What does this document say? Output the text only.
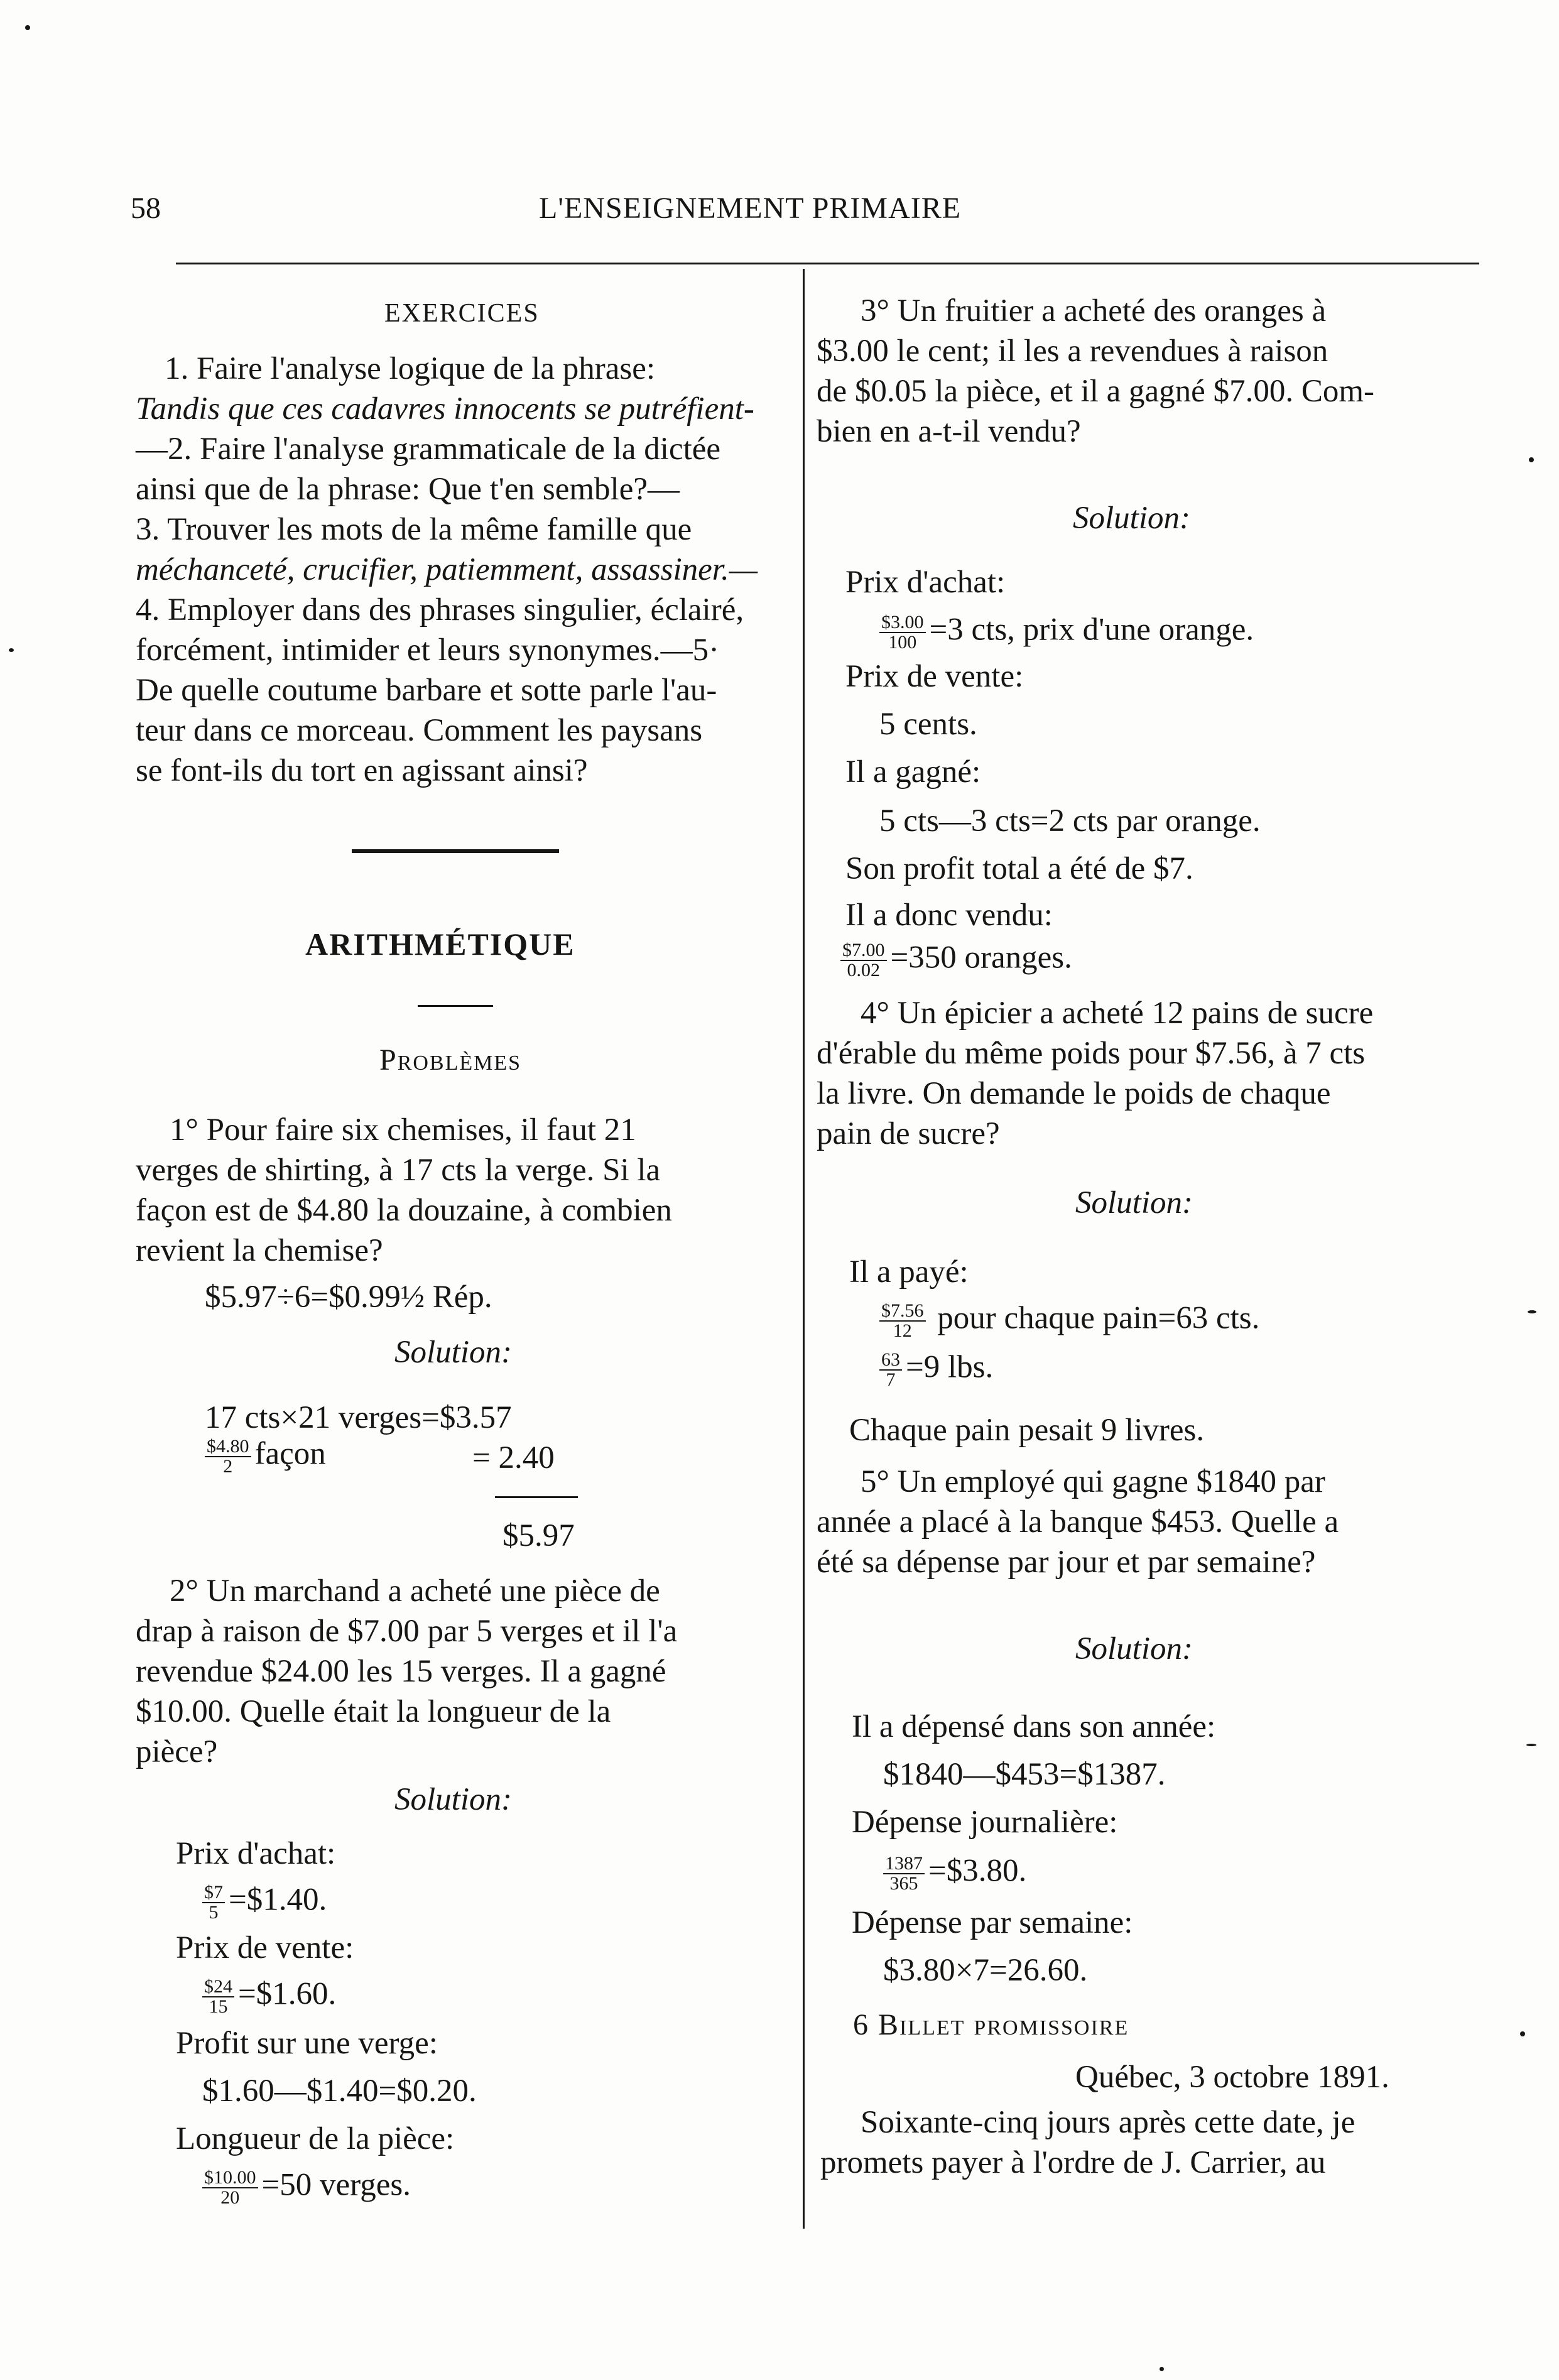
58	L'ENSEIGNEMENT PRIMAIRE
EXERCICES
1. Faire l'analyse logique de la phrase:
Tandis que ces cadavres innocents se putréfient-
—2. Faire l'analyse grammaticale de la dictée
ainsi que de la phrase: Que t'en semble?—
3. Trouver les mots de la même famille que
méchanceté, crucifier, patiemment, assassiner.—
4. Employer dans des phrases singulier, éclairé,
forcément, intimider et leurs synonymes.—5·
De quelle coutume barbare et sotte parle l'au-
teur dans ce morceau. Comment les paysans
se font-ils du tort en agissant ainsi?
ARITHMÉTIQUE
Problèmes
1° Pour faire six chemises, il faut 21
verges de shirting, à 17 cts la verge. Si la
façon est de $4.80 la douzaine, à combien
revient la chemise?
$5.97÷6=$0.99½ Rép.
Solution:
17 cts×21 verges=$3.57
$\frac{\$4.80}{2}$ façon	= 2.40
$5.97
2° Un marchand a acheté une pièce de
drap à raison de $7.00 par 5 verges et il l'a
revendue $24.00 les 15 verges. Il a gagné
$10.00. Quelle était la longueur de la
pièce?
Solution:
Prix d'achat:
$\frac{\$7}{5}$ =$1.40.
Prix de vente:
$\frac{\$24}{15}$ =$1.60.
Profit sur une verge:
$1.60—$1.40=$0.20.
Longueur de la pièce:
$\frac{\$10.00}{20} =50$ verges.
3° Un fruitier a acheté des oranges à
$3.00 le cent; il les a revendues à raison
de $0.05 la pièce, et il a gagné $7.00. Com-
bien en a-t-il vendu?
Solution:
Prix d'achat:
$\frac{\$3.00}{100} =3$ cts, prix d'une orange.
Prix de vente:
5 cents.
Il a gagné:
5 cts—3 cts=2 cts par orange.
Son profit total a été de $7.
Il a donc vendu:
$\frac{\$7.00}{0.02} =350$ oranges.
4° Un épicier a acheté 12 pains de sucre
d'érable du même poids pour $7.56, à 7 cts
la livre. On demande le poids de chaque
pain de sucre?
Solution:
Il a payé:
$\frac{\$7.56}{12}$ pour chaque pain=63 cts.
$\frac{63}{7} =9$ lbs.
Chaque pain pesait 9 livres.
5° Un employé qui gagne $1840 par
année a placé à la banque $453. Quelle a
été sa dépense par jour et par semaine?
Solution:
Il a dépensé dans son année:
$1840—$453=$1387.
Dépense journalière:
$\frac{1387}{365}$ =$3.80.
Dépense par semaine:
$3.80×7=26.60.
6 Billet promissoire
Québec, 3 octobre 1891.
Soixante-cinq jours après cette date, je
promets payer à l'ordre de J. Carrier, au
